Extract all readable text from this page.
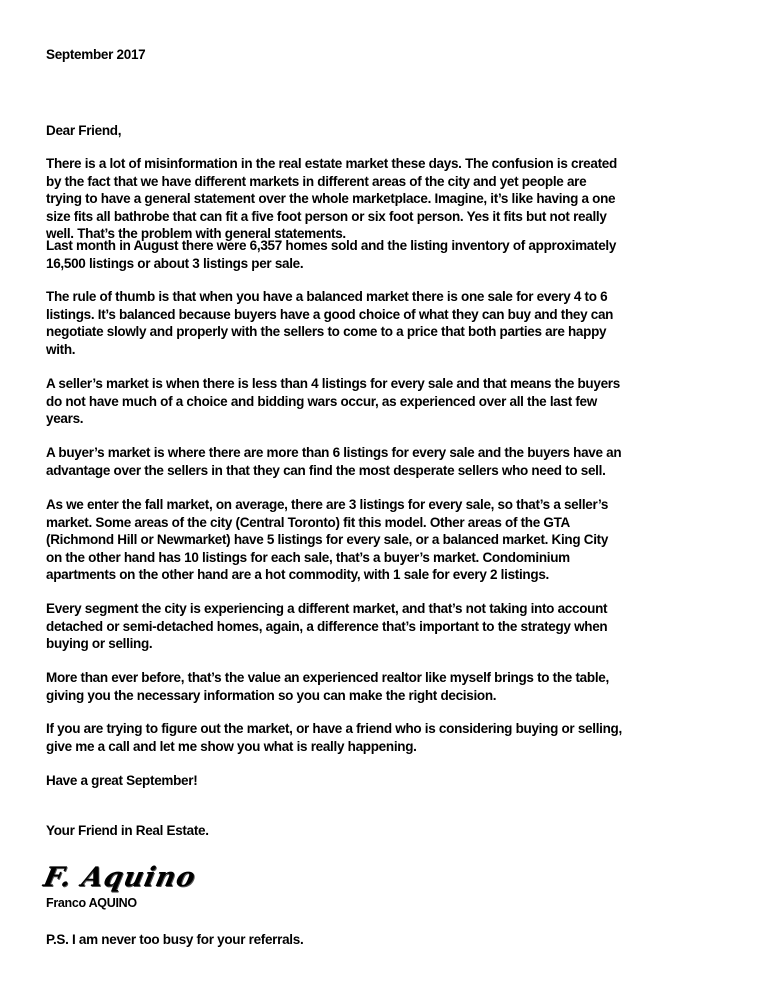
September 2017
Dear Friend,
There is a lot of misinformation in the real estate market these days. The confusion is created
by the fact that we have different markets in different areas of the city and yet people are
trying to have a general statement over the whole marketplace. Imagine, it’s like having a one
size fits all bathrobe that can fit a five foot person or six foot person. Yes it fits but not really
well. That’s the problem with general statements.
Last month in August there were 6,357 homes sold and the listing inventory of approximately
16,500 listings or about 3 listings per sale.
The rule of thumb is that when you have a balanced market there is one sale for every 4 to 6
listings. It’s balanced because buyers have a good choice of what they can buy and they can
negotiate slowly and properly with the sellers to come to a price that both parties are happy
with.
A seller’s market is when there is less than 4 listings for every sale and that means the buyers
do not have much of a choice and bidding wars occur, as experienced over all the last few
years.
A buyer’s market is where there are more than 6 listings for every sale and the buyers have an
advantage over the sellers in that they can find the most desperate sellers who need to sell.
As we enter the fall market, on average, there are 3 listings for every sale, so that’s a seller’s
market. Some areas of the city (Central Toronto) fit this model. Other areas of the GTA
(Richmond Hill or Newmarket) have 5 listings for every sale, or a balanced market. King City
on the other hand has 10 listings for each sale, that’s a buyer’s market. Condominium
apartments on the other hand are a hot commodity, with 1 sale for every 2 listings.
Every segment the city is experiencing a different market, and that’s not taking into account
detached or semi-detached homes, again, a difference that’s important to the strategy when
buying or selling.
More than ever before, that’s the value an experienced realtor like myself brings to the table,
giving you the necessary information so you can make the right decision.
If you are trying to figure out the market, or have a friend who is considering buying or selling,
give me a call and let me show you what is really happening.
Have a great September!
Your Friend in Real Estate.
F. Aquino
Franco AQUINO
P.S. I am never too busy for your referrals.
